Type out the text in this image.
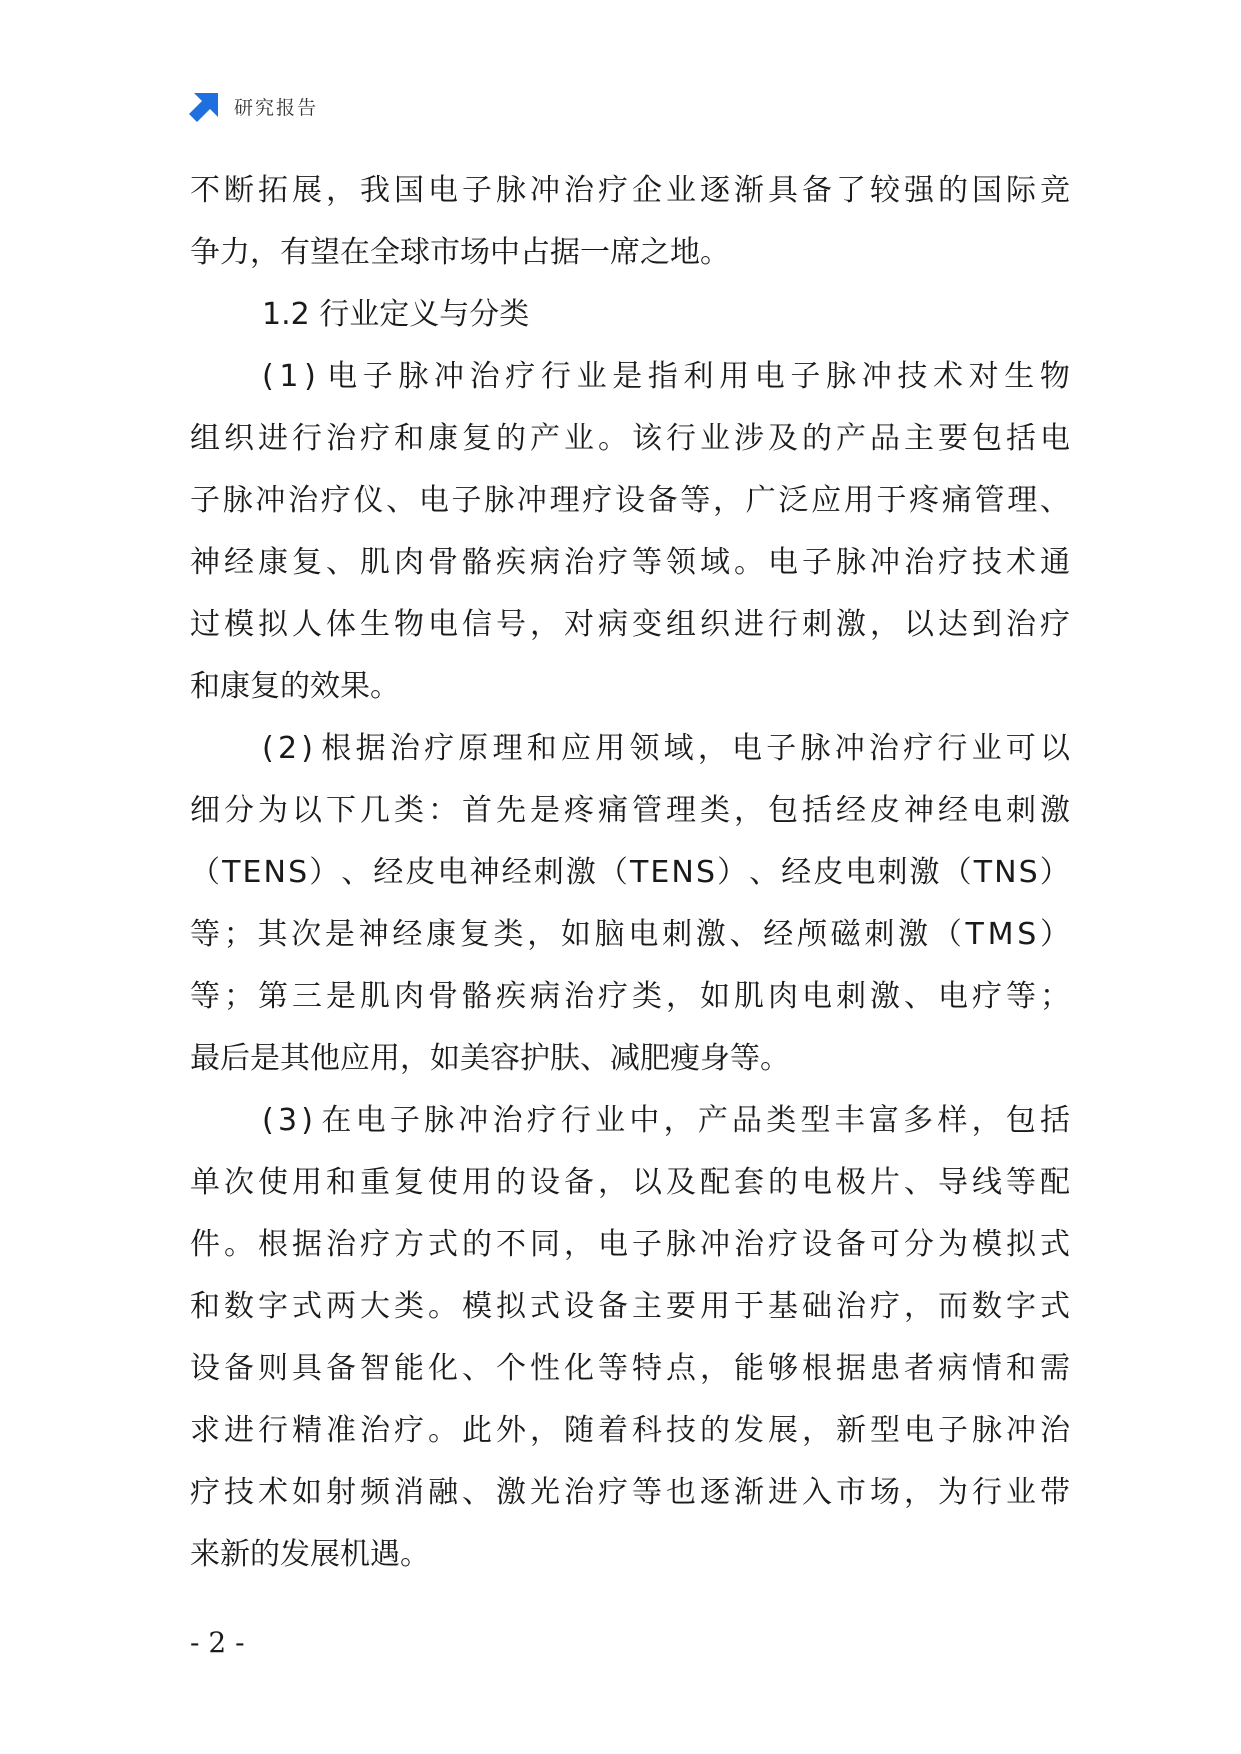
研究报告
不 断 拓 展 ， 我 国 电 子 脉 冲 治 疗 企 业 逐 渐 具 备 了 较 强 的 国 际 竞
争力，有望在全球市场中占据一席之地。
1.2 行业定义与分类
( 1 ) 电 子 脉 冲 治 疗 行 业 是 指 利 用 电 子 脉 冲 技 术 对 生 物
组 织 进 行 治 疗 和 康 复 的 产 业 。 该 行 业 涉 及 的 产 品 主 要 包 括 电
子 脉 冲 治 疗 仪 、 电 子 脉 冲 理 疗 设 备 等 ， 广 泛 应 用 于 疼 痛 管 理 、
神 经 康 复 、 肌 肉 骨 骼 疾 病 治 疗 等 领 域 。 电 子 脉 冲 治 疗 技 术 通
过 模 拟 人 体 生 物 电 信 号 ， 对 病 变 组 织 进 行 刺 激 ， 以 达 到 治 疗
和康复的效果。
( 2 ) 根 据 治 疗 原 理 和 应 用 领 域 ， 电 子 脉 冲 治 疗 行 业 可 以
细 分 为 以 下 几 类 ： 首 先 是 疼 痛 管 理 类 ， 包 括 经 皮 神 经 电 刺 激
（ T E N S ） 、 经 皮 电 神 经 刺 激 （ T E N S ） 、 经 皮 电 刺 激 （ T N S ）
等 ； 其 次 是 神 经 康 复 类 ， 如 脑 电 刺 激 、 经 颅 磁 刺 激 （ T M S ）
等 ； 第 三 是 肌 肉 骨 骼 疾 病 治 疗 类 ， 如 肌 肉 电 刺 激 、 电 疗 等 ；
最后是其他应用，如美容护肤、减肥瘦身等。
( 3 ) 在 电 子 脉 冲 治 疗 行 业 中 ， 产 品 类 型 丰 富 多 样 ， 包 括
单 次 使 用 和 重 复 使 用 的 设 备 ， 以 及 配 套 的 电 极 片 、 导 线 等 配
件 。 根 据 治 疗 方 式 的 不 同 ， 电 子 脉 冲 治 疗 设 备 可 分 为 模 拟 式
和 数 字 式 两 大 类 。 模 拟 式 设 备 主 要 用 于 基 础 治 疗 ， 而 数 字 式
设 备 则 具 备 智 能 化 、 个 性 化 等 特 点 ， 能 够 根 据 患 者 病 情 和 需
求 进 行 精 准 治 疗 。 此 外 ， 随 着 科 技 的 发 展 ， 新 型 电 子 脉 冲 治
疗 技 术 如 射 频 消 融 、 激 光 治 疗 等 也 逐 渐 进 入 市 场 ， 为 行 业 带
来新的发展机遇。
- 2 -
